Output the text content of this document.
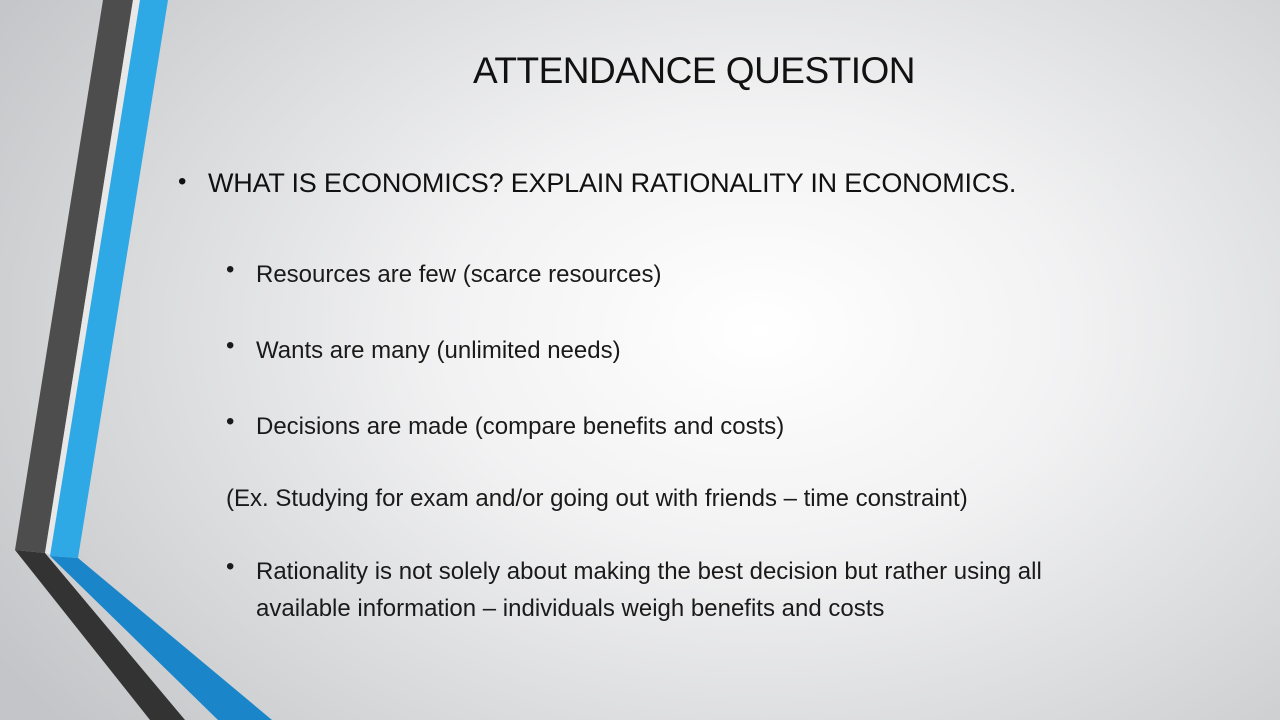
ATTENDANCE QUESTION
• WHAT IS ECONOMICS? EXPLAIN RATIONALITY IN ECONOMICS.
• Resources are few (scarce resources)
• Wants are many (unlimited needs)
• Decisions are made (compare benefits and costs)
(Ex. Studying for exam and/or going out with friends – time constraint)
• Rationality is not solely about making the best decision but rather using all
available information – individuals weigh benefits and costs
